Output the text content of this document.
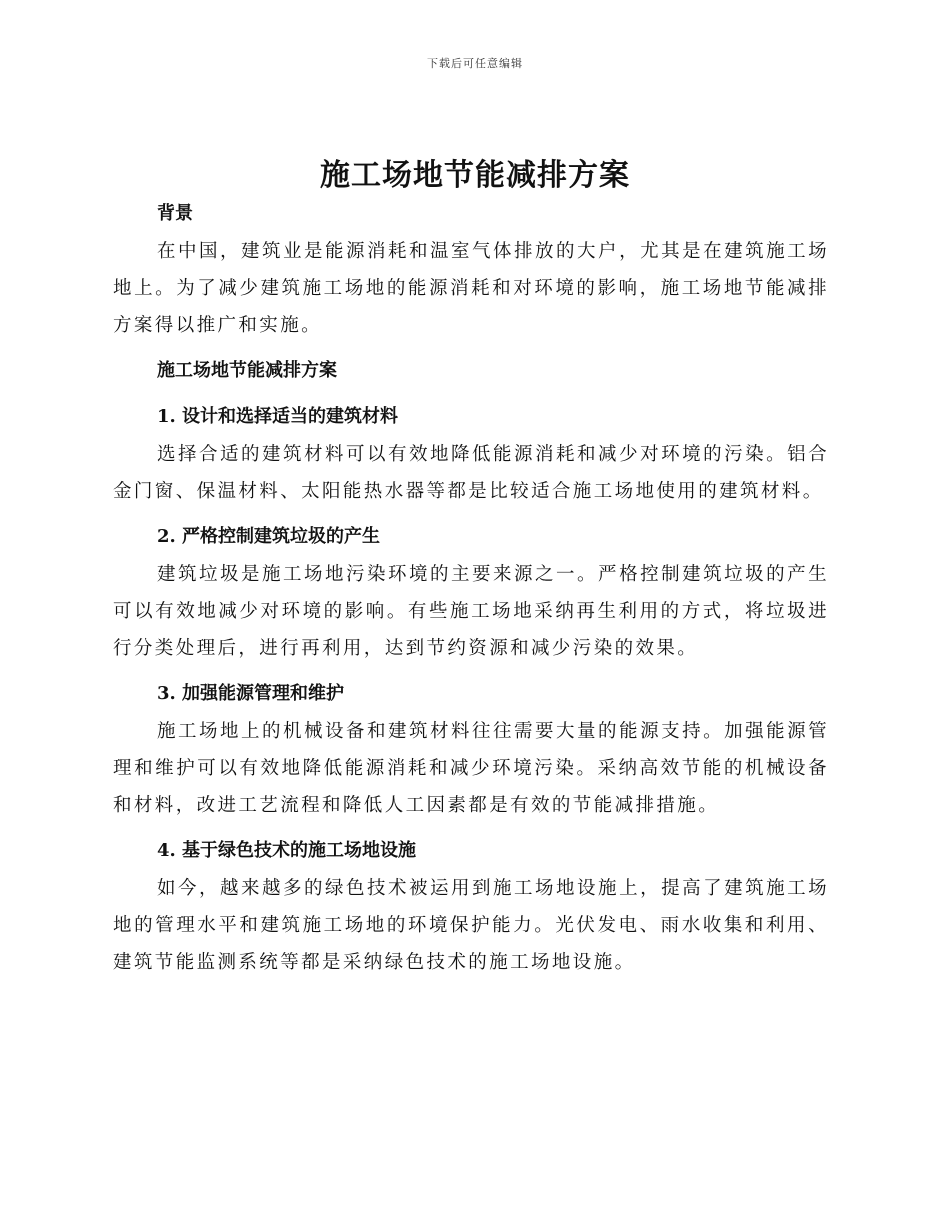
下载后可任意编辑
施工场地节能减排方案
背景

在中国，建筑业是能源消耗和温室气体排放的大户，尤其是在建筑施工场地上。为了减少建筑施工场地的能源消耗和对环境的影响，施工场地节能减排方案得以推广和实施。

施工场地节能减排方案
1. 设计和选择适当的建筑材料

选择合适的建筑材料可以有效地降低能源消耗和减少对环境的污染。铝合金门窗、保温材料、太阳能热水器等都是比较适合施工场地使用的建筑材料。

2. 严格控制建筑垃圾的产生

建筑垃圾是施工场地污染环境的主要来源之一。严格控制建筑垃圾的产生可以有效地减少对环境的影响。有些施工场地采纳再生利用的方式，将垃圾进行分类处理后，进行再利用，达到节约资源和减少污染的效果。

3. 加强能源管理和维护

施工场地上的机械设备和建筑材料往往需要大量的能源支持。加强能源管理和维护可以有效地降低能源消耗和减少环境污染。采纳高效节能的机械设备和材料，改进工艺流程和降低人工因素都是有效的节能减排措施。

4. 基于绿色技术的施工场地设施

如今，越来越多的绿色技术被运用到施工场地设施上，提高了建筑施工场地的管理水平和建筑施工场地的环境保护能力。光伏发电、雨水收集和利用、建筑节能监测系统等都是采纳绿色技术的施工场地设施。
